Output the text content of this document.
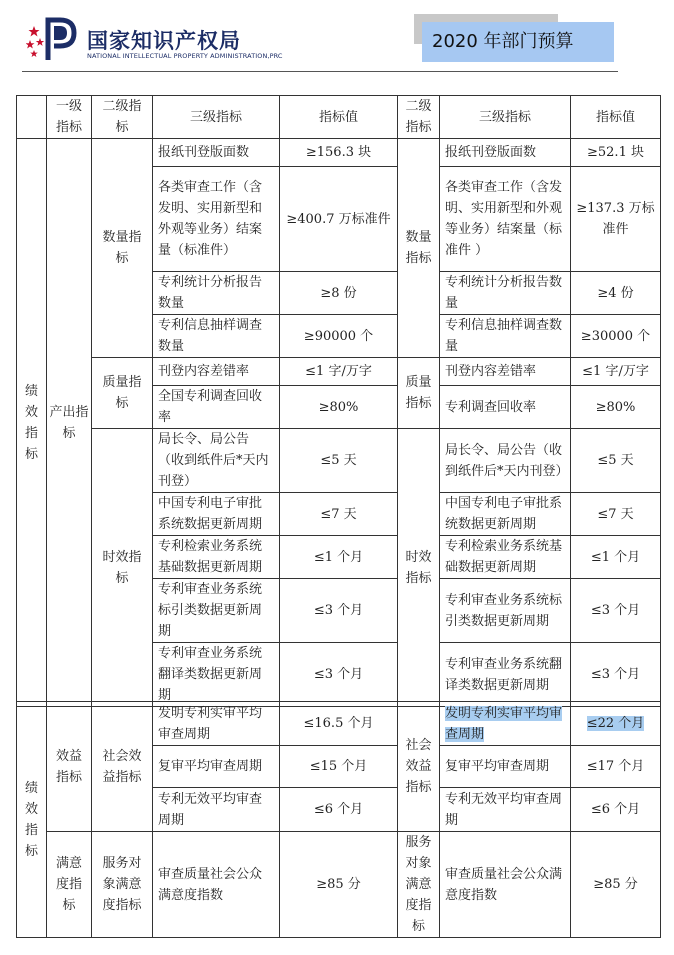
国家知识产权局
NATIONAL INTELLECTUAL PROPERTY ADMINISTRATION,PRC
2020 年部门预算
	一级指标	二级指标	三级指标	指标值	二级指标	三级指标	指标值
绩效指标	产出指标	数量指标	报纸刊登版面数	≥156.3 块	数量指标	报纸刊登版面数	≥52.1 块
			各类审查工作（含发明、实用新型和外观等业务）结案量（标准件）	≥400.7 万标准件		各类审查工作（含发明、实用新型和外观等业务）结案量（标准件 ）	≥137.3 万标准件
			专利统计分析报告数量	≥8 份		专利统计分析报告数量	≥4 份
			专利信息抽样调查数量	≥90000 个		专利信息抽样调查数量	≥30000 个
		质量指标	刊登内容差错率	≤1 字/万字	质量指标	刊登内容差错率	≤1 字/万字
			全国专利调查回收率	≥80%		专利调查回收率	≥80%
		时效指标	局长令、局公告（收到纸件后*天内刊登）	≤5 天	时效指标	局长令、局公告（收到纸件后*天内刊登）	≤5 天
			中国专利电子审批系统数据更新周期	≤7 天		中国专利电子审批系统数据更新周期	≤7 天
			专利检索业务系统基础数据更新周期	≤1 个月		专利检索业务系统基础数据更新周期	≤1 个月
			专利审查业务系统标引类数据更新周期	≤3 个月		专利审查业务系统标引类数据更新周期	≤3 个月
			专利审查业务系统翻译类数据更新周期	≤3 个月		专利审查业务系统翻译类数据更新周期	≤3 个月
绩效指标	效益指标	社会效益指标	发明专利实审平均审查周期	≤16.5 个月	社会效益指标	发明专利实审平均审查周期	≤22 个月
			复审平均审查周期	≤15 个月		复审平均审查周期	≤17 个月
			专利无效平均审查周期	≤6 个月		专利无效平均审查周期	≤6 个月
	满意度指标	服务对象满意度指标	审查质量社会公众满意度指数	≥85 分	服务对象满意度指标	审查质量社会公众满意度指数	≥85 分
